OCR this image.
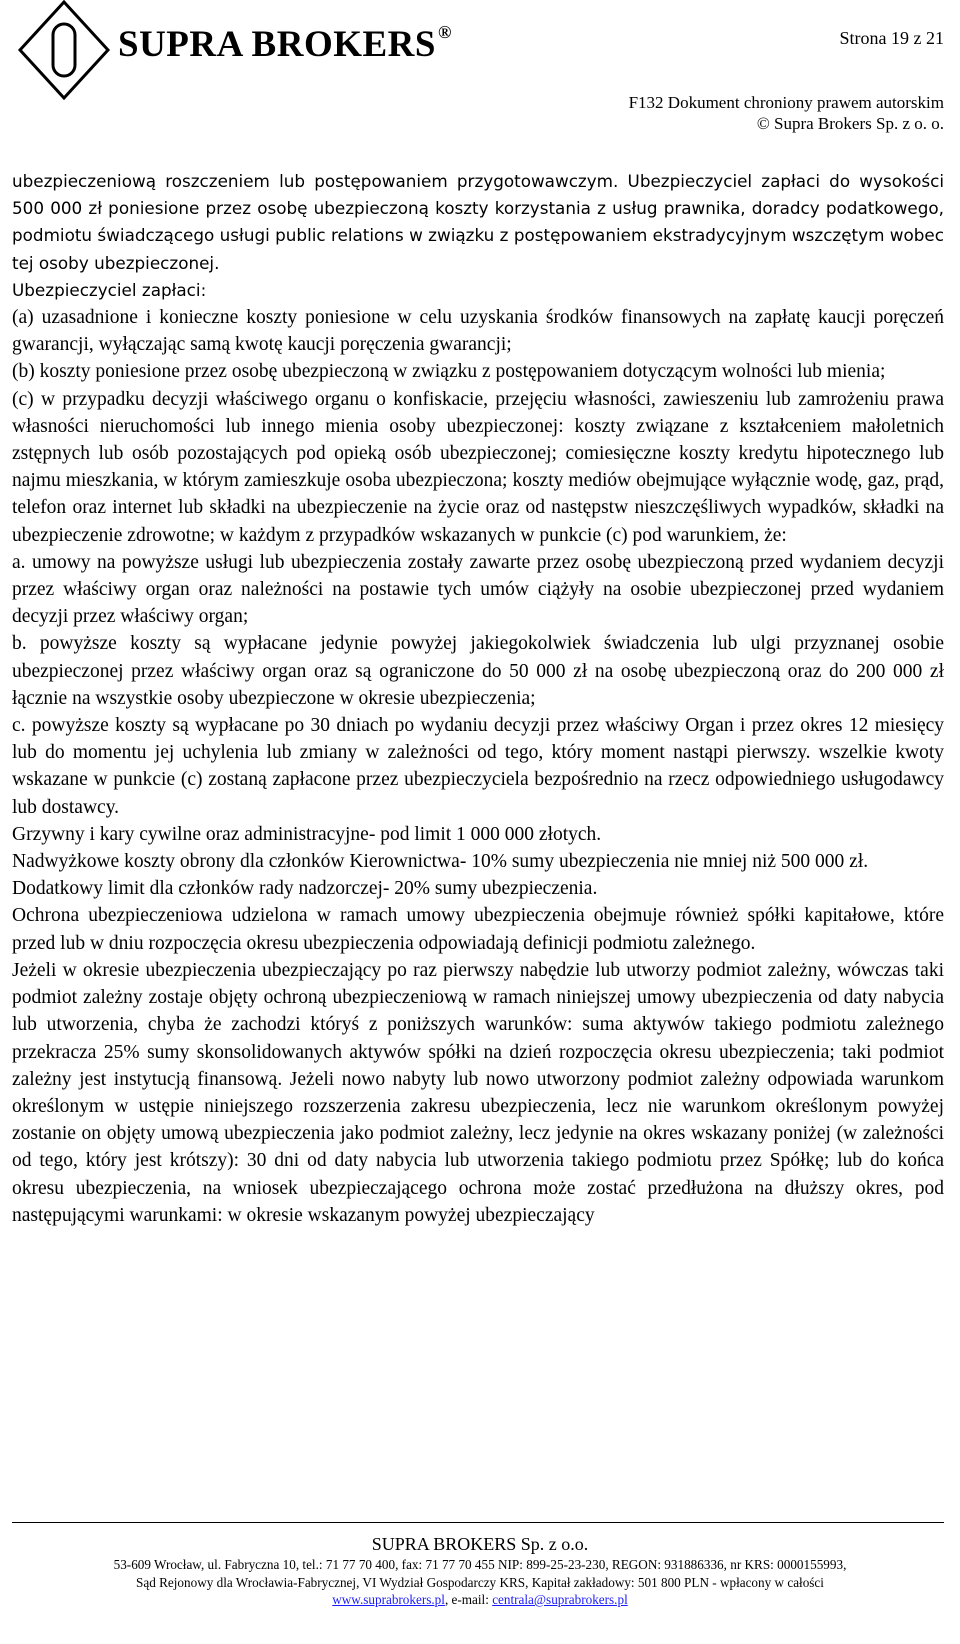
SUPRA BROKERS ®	Strona 19 z 21
F132 Dokument chroniony prawem autorskim
© Supra Brokers Sp. z o. o.

ubezpieczeniową roszczeniem lub postępowaniem przygotowawczym. Ubezpieczyciel zapłaci do wysokości 500 000 zł poniesione przez osobę ubezpieczoną koszty korzystania z usług prawnika, doradcy podatkowego, podmiotu świadczącego usługi public relations w związku z postępowaniem ekstradycyjnym wszczętym wobec tej osoby ubezpieczonej.

Ubezpieczyciel zapłaci:

(a) uzasadnione i konieczne koszty poniesione w celu uzyskania środków finansowych na zapłatę kaucji poręczeń gwarancji, wyłączając samą kwotę kaucji poręczenia gwarancji;

(b) koszty poniesione przez osobę ubezpieczoną w związku z postępowaniem dotyczącym wolności lub mienia;

(c) w przypadku decyzji właściwego organu o konfiskacie, przejęciu własności, zawieszeniu lub zamrożeniu prawa własności nieruchomości lub innego mienia osoby ubezpieczonej: koszty związane z kształceniem małoletnich zstępnych lub osób pozostających pod opieką osób ubezpieczonej; comiesięczne koszty kredytu hipotecznego lub najmu mieszkania, w którym zamieszkuje osoba ubezpieczona; koszty mediów obejmujące wyłącznie wodę, gaz, prąd, telefon oraz internet lub składki na ubezpieczenie na życie oraz od następstw nieszczęśliwych wypadków, składki na ubezpieczenie zdrowotne; w każdym z przypadków wskazanych w punkcie (c) pod warunkiem, że:

a. umowy na powyższe usługi lub ubezpieczenia zostały zawarte przez osobę ubezpieczoną przed wydaniem decyzji przez właściwy organ oraz należności na postawie tych umów ciążyły na osobie ubezpieczonej przed wydaniem decyzji przez właściwy organ;

b. powyższe koszty są wypłacane jedynie powyżej jakiegokolwiek świadczenia lub ulgi przyznanej osobie ubezpieczonej przez właściwy organ oraz są ograniczone do 50 000 zł na osobę ubezpieczoną oraz do 200 000 zł łącznie na wszystkie osoby ubezpieczone w okresie ubezpieczenia;

c. powyższe koszty są wypłacane po 30 dniach po wydaniu decyzji przez właściwy Organ i przez okres 12 miesięcy lub do momentu jej uchylenia lub zmiany w zależności od tego, który moment nastąpi pierwszy. wszelkie kwoty wskazane w punkcie (c) zostaną zapłacone przez ubezpieczyciela bezpośrednio na rzecz odpowiedniego usługodawcy lub dostawcy.

Grzywny i kary cywilne oraz administracyjne- pod limit 1 000 000 złotych.

Nadwyżkowe koszty obrony dla członków Kierownictwa- 10% sumy ubezpieczenia nie mniej niż 500 000 zł.

Dodatkowy limit dla członków rady nadzorczej- 20% sumy ubezpieczenia.

Ochrona ubezpieczeniowa udzielona w ramach umowy ubezpieczenia obejmuje również spółki kapitałowe, które przed lub w dniu rozpoczęcia okresu ubezpieczenia odpowiadają definicji podmiotu zależnego.

Jeżeli w okresie ubezpieczenia ubezpieczający po raz pierwszy nabędzie lub utworzy podmiot zależny, wówczas taki podmiot zależny zostaje objęty ochroną ubezpieczeniową w ramach niniejszej umowy ubezpieczenia od daty nabycia lub utworzenia, chyba że zachodzi któryś z poniższych warunków: suma aktywów takiego podmiotu zależnego przekracza 25% sumy skonsolidowanych aktywów spółki na dzień rozpoczęcia okresu ubezpieczenia; taki podmiot zależny jest instytucją finansową. Jeżeli nowo nabyty lub nowo utworzony podmiot zależny odpowiada warunkom określonym w ustępie niniejszego rozszerzenia zakresu ubezpieczenia, lecz nie warunkom określonym powyżej zostanie on objęty umową ubezpieczenia jako podmiot zależny, lecz jedynie na okres wskazany poniżej (w zależności od tego, który jest krótszy): 30 dni od daty nabycia lub utworzenia takiego podmiotu przez Spółkę; lub do końca okresu ubezpieczenia, na wniosek ubezpieczającego ochrona może zostać przedłużona na dłuższy okres, pod następującymi warunkami: w okresie wskazanym powyżej ubezpieczający

SUPRA BROKERS Sp. z o.o.
53-609 Wrocław, ul. Fabryczna 10, tel.: 71 77 70 400, fax: 71 77 70 455 NIP: 899-25-23-230, REGON: 931886336, nr KRS: 0000155993,
Sąd Rejonowy dla Wrocławia-Fabrycznej, VI Wydział Gospodarczy KRS, Kapitał zakładowy: 501 800 PLN - wpłacony w całości
www.suprabrokers.pl, e-mail: centrala@suprabrokers.pl
